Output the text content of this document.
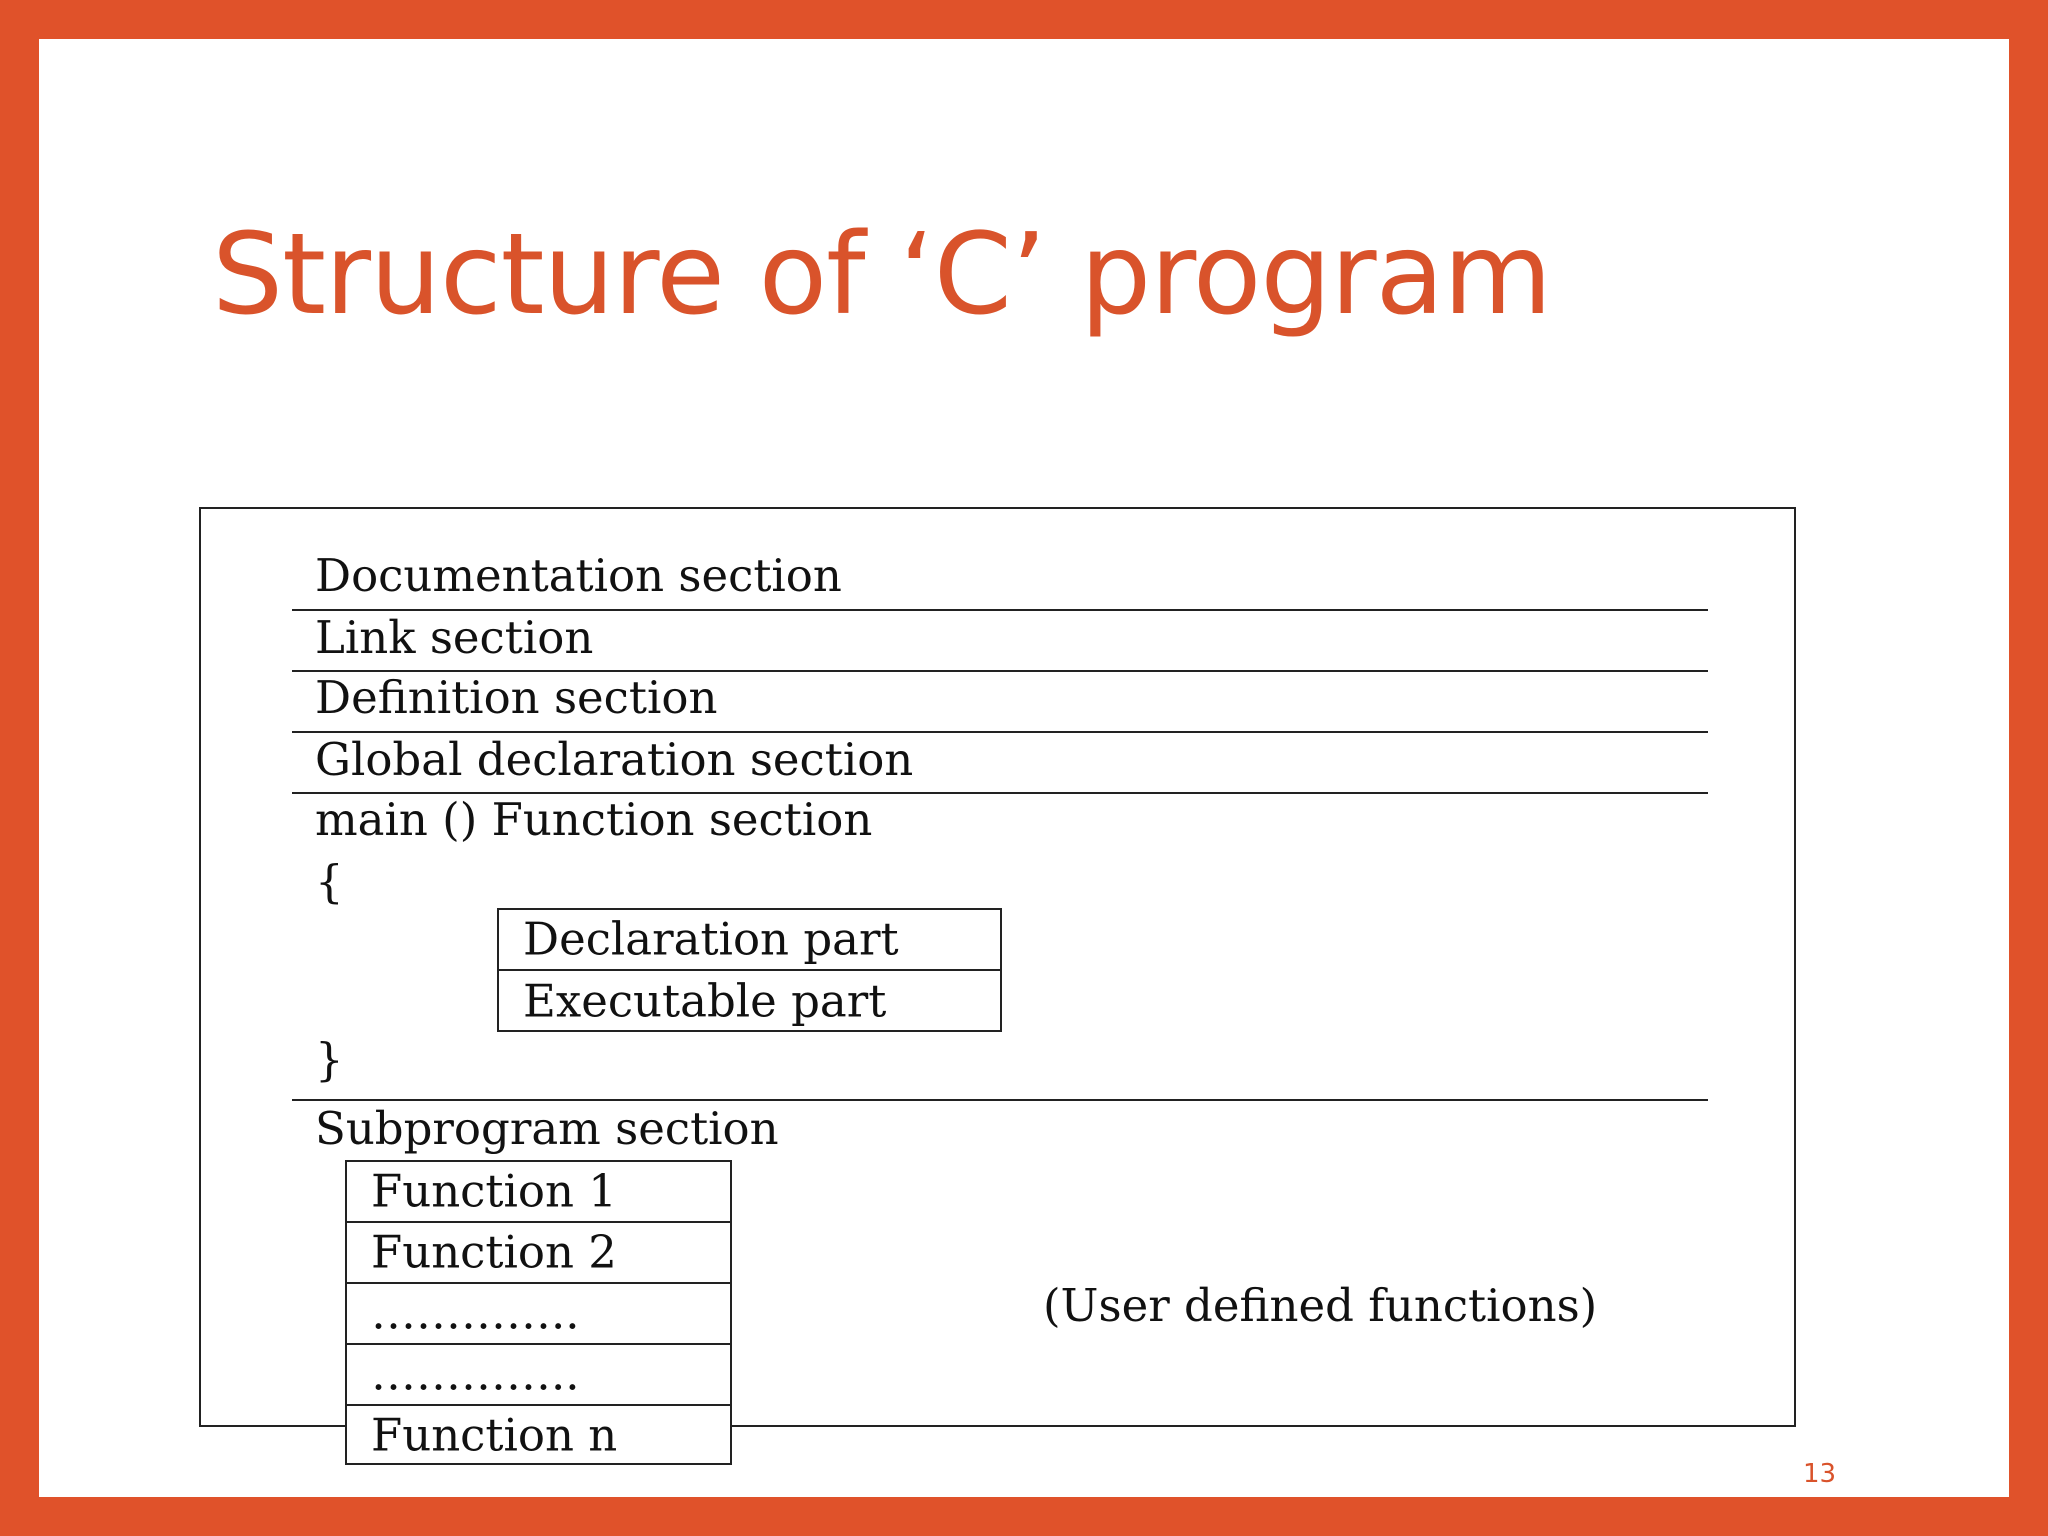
Structure of ‘C’ program
Documentation section
Link section
Definition section
Global declaration section
main () Function section
{
Declaration part
Executable part
}
Subprogram section
Function 1
Function 2
…………..
…………..
Function n
(User defined functions)
13
